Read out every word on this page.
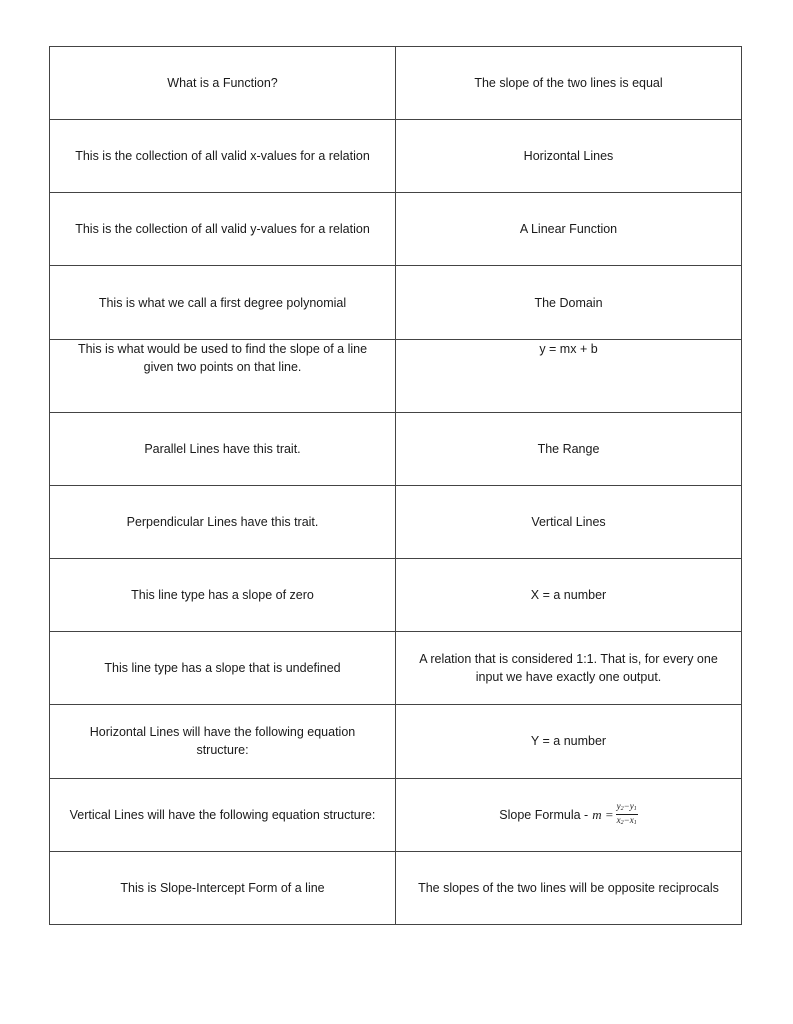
What is a Function?	The slope of the two lines is equal
This is the collection of all valid x-values for a relation	Horizontal Lines
This is the collection of all valid y-values for a relation	A Linear Function
This is what we call a first degree polynomial	The Domain
This is what would be used to find the slope of a line given two points on that line.	y = mx + b
Parallel Lines have this trait.	The Range
Perpendicular Lines have this trait.	Vertical Lines
This line type has a slope of zero	X = a number
This line type has a slope that is undefined	A relation that is considered 1:1. That is, for every one input we have exactly one output.
Horizontal Lines will have the following equation structure:	Y = a number
Vertical Lines will have the following equation structure:	Slope Formula - $m = \frac{y_2-y_1}{x_2-x_1}$

This is Slope-Intercept Form of a line	The slopes of the two lines will be opposite reciprocals
